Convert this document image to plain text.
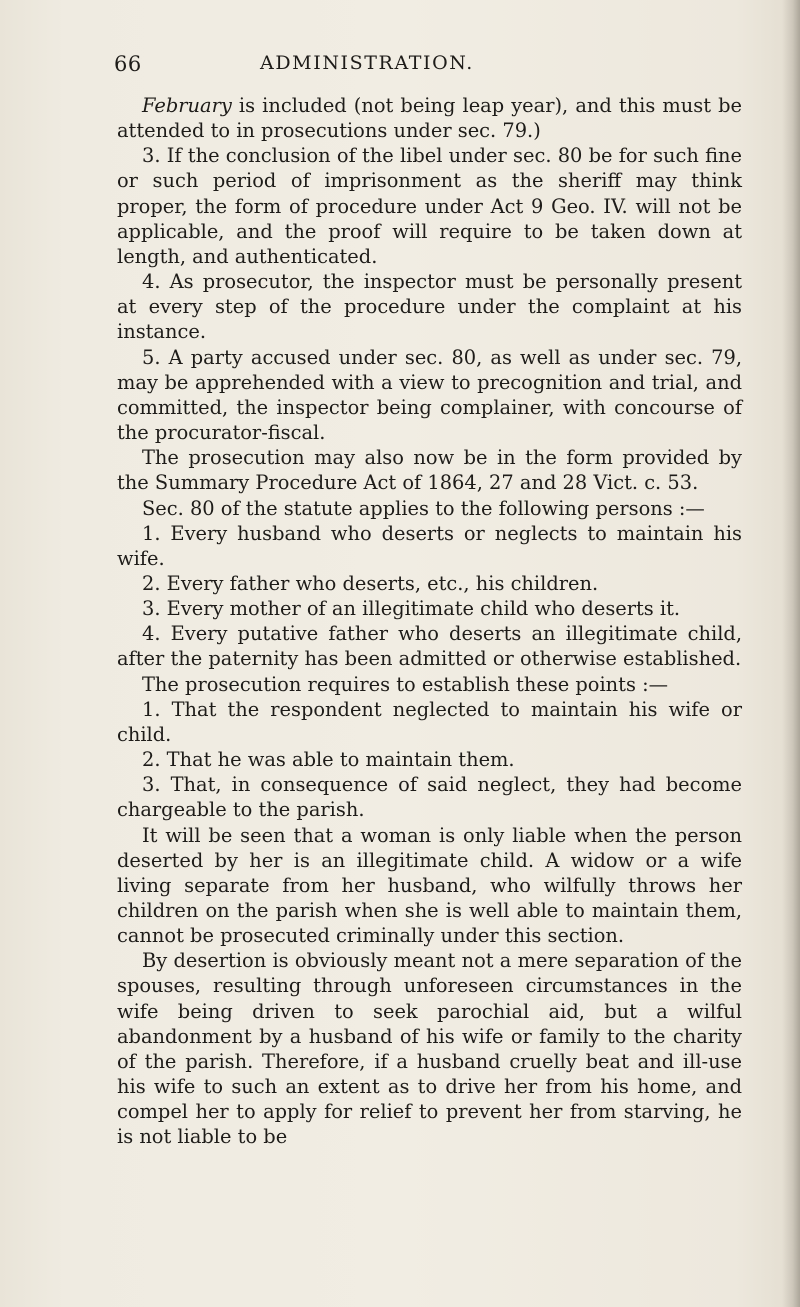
66	ADMINISTRATION.

February is included (not being leap year), and this must be attended to in prosecutions under sec. 79.)

3. If the conclusion of the libel under sec. 80 be for such fine or such period of imprisonment as the sheriff may think proper, the form of procedure under Act 9 Geo. IV. will not be applicable, and the proof will require to be taken down at length, and authenticated.

4. As prosecutor, the inspector must be personally present at every step of the procedure under the complaint at his instance.

5. A party accused under sec. 80, as well as under sec. 79, may be apprehended with a view to precognition and trial, and committed, the inspector being complainer, with concourse of the procurator-fiscal.

The prosecution may also now be in the form provided by the Summary Procedure Act of 1864, 27 and 28 Vict. c. 53.

Sec. 80 of the statute applies to the following persons :—

1. Every husband who deserts or neglects to maintain his wife.

2. Every father who deserts, etc., his children.

3. Every mother of an illegitimate child who deserts it.

4. Every putative father who deserts an illegitimate child, after the paternity has been admitted or otherwise established.

The prosecution requires to establish these points :—

1. That the respondent neglected to maintain his wife or child.

2. That he was able to maintain them.

3. That, in consequence of said neglect, they had become chargeable to the parish.

It will be seen that a woman is only liable when the person deserted by her is an illegitimate child. A widow or a wife living separate from her husband, who wilfully throws her children on the parish when she is well able to maintain them, cannot be prosecuted criminally under this section.

By desertion is obviously meant not a mere separation of the spouses, resulting through unforeseen circumstances in the wife being driven to seek parochial aid, but a wilful abandonment by a husband of his wife or family to the charity of the parish. Therefore, if a husband cruelly beat and ill-use his wife to such an extent as to drive her from his home, and compel her to apply for relief to prevent her from starving, he is not liable to be
